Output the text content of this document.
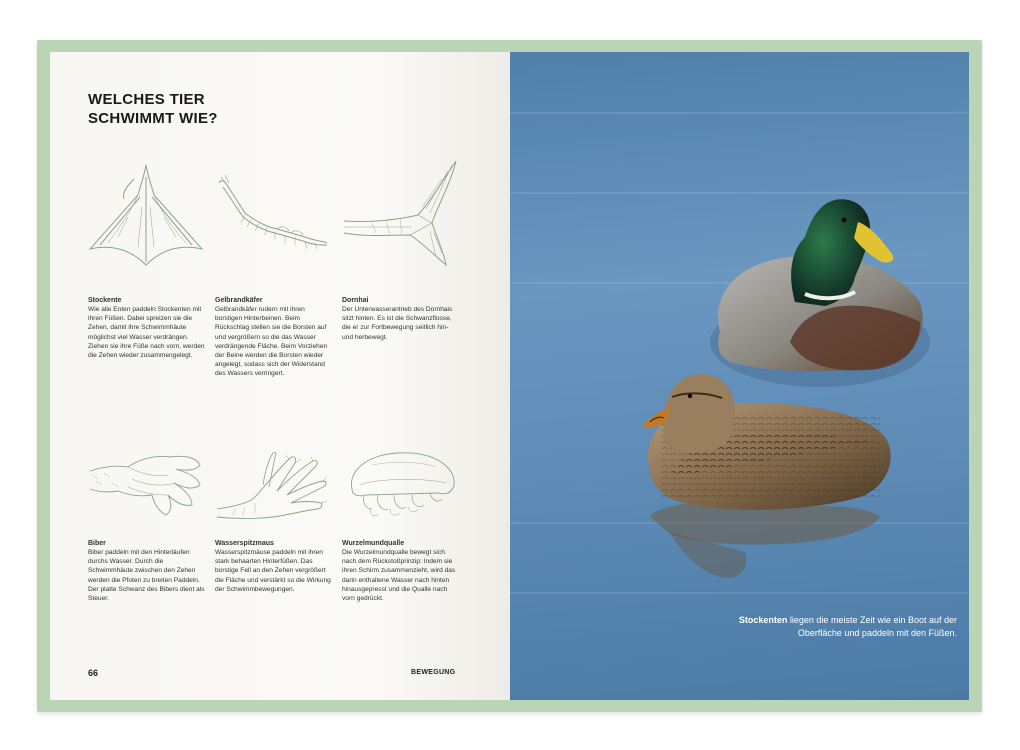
WELCHES TIER
SCHWIMMT WIE?
Stockente

Wie alle Enten paddeln Stockenten mit ihren Füßen. Dabei spreizen sie die Zehen, damit ihre Schwimmhäute möglichst viel Wasser verdrängen. Ziehen sie ihre Füße nach vorn, werden die Zehen wieder zusammengelegt.

Gelbrandkäfer

Gelbrandkäfer rudern mit ihren borstigen Hinterbeinen. Beim Rückschlag stellen sie die Borsten auf und vergrößern so die das Wasser verdrängende Fläche. Beim Vorziehen der Beine werden die Borsten wieder angelegt, sodass sich der Widerstand des Wassers verringert.

Dornhai

Der Unterwasserantrieb des Dornhais sitzt hinten. Es ist die Schwanzflosse, die er zur Fortbewegung seitlich hin- und herbewegt.

Biber

Biber paddeln mit den Hinterläufen durchs Wasser. Durch die Schwimmhäute zwischen den Zehen werden die Pfoten zu breiten Paddeln. Der platte Schwanz des Bibers dient als Steuer.

Wasserspitzmaus

Wasserspitzmäuse paddeln mit ihren stark behaarten Hinterfüßen. Das borstige Fell an den Zehen vergrößert die Fläche und verstärkt so die Wirkung der Schwimmbewegungen.

Wurzelmundqualle

Die Wurzelmundqualle bewegt sich nach dem Rückstoßprinzip: Indem sie ihren Schirm zusammenzieht, wird das darin enthaltene Wasser nach hinten hinausgepresst und die Qualle nach vorn gedrückt.

66	BEWEGUNG

Stockenten liegen die meiste Zeit wie ein Boot auf der Oberfläche und paddeln mit den Füßen.
